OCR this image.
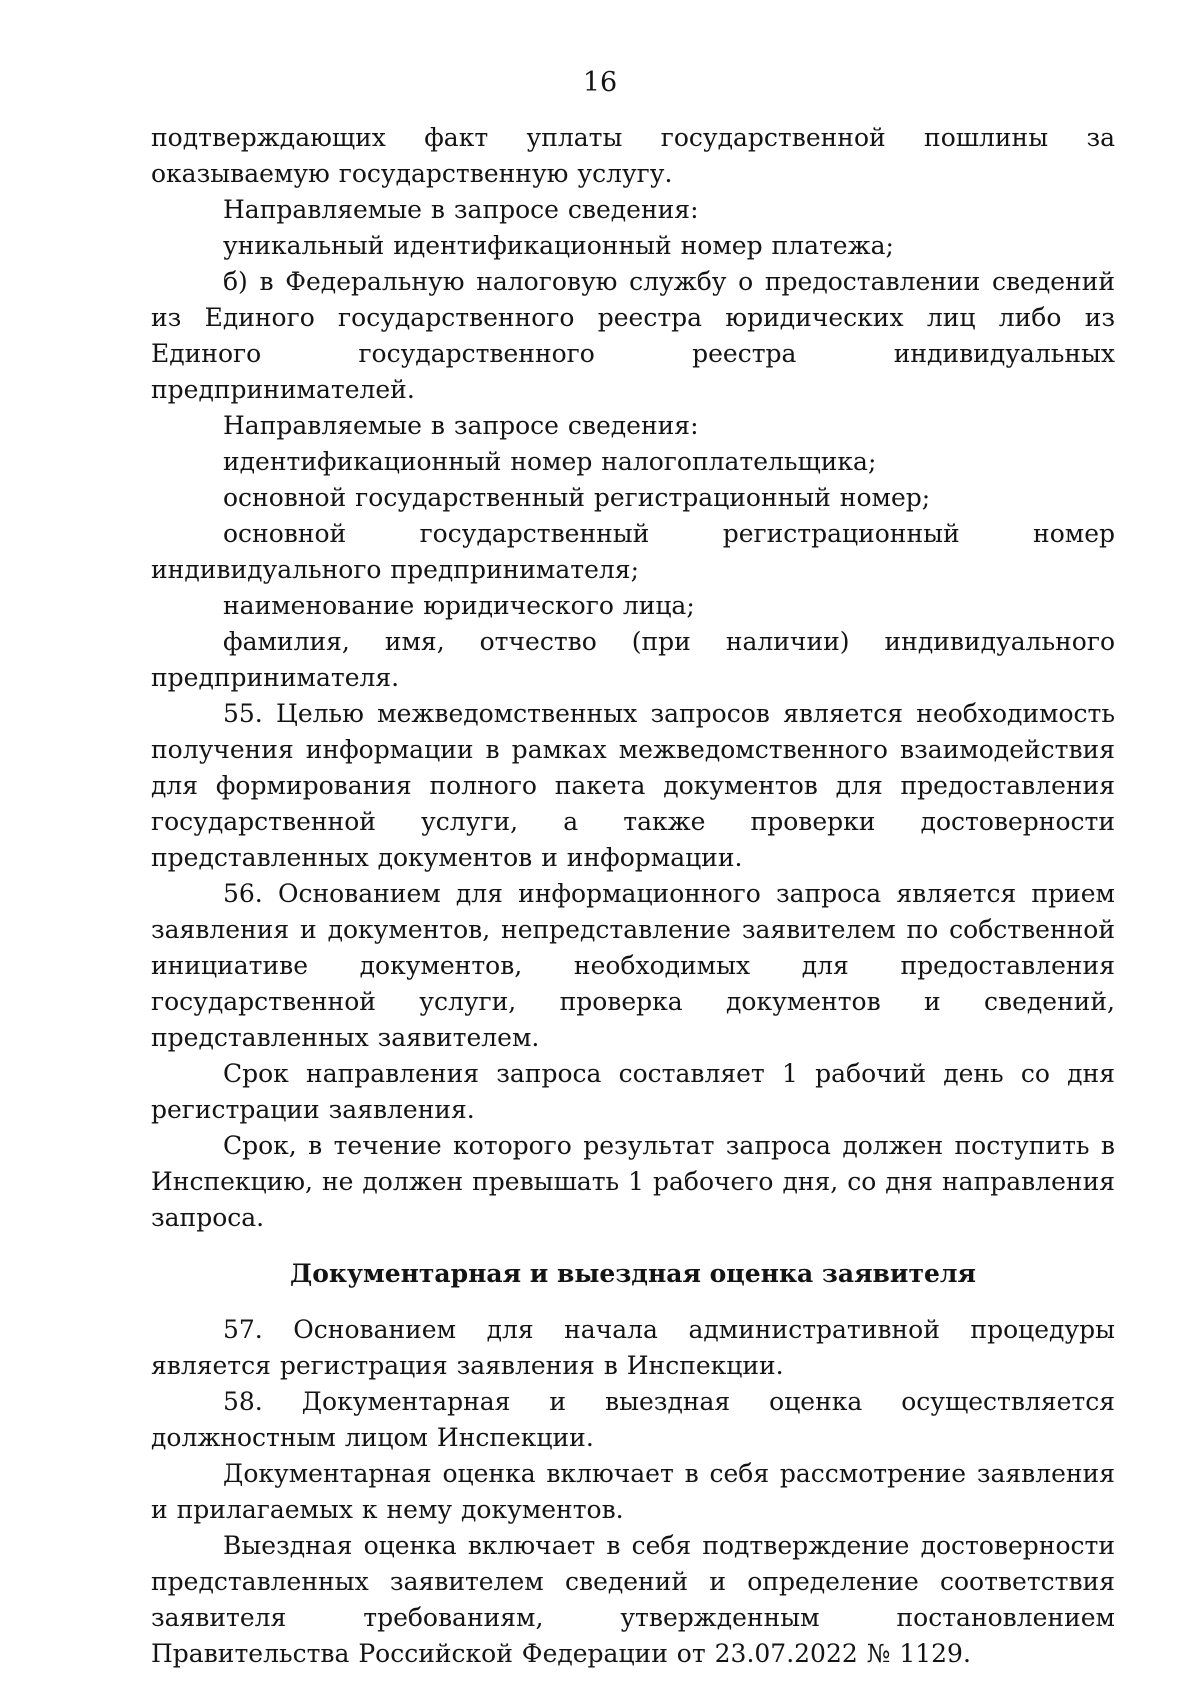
16

подтверждающих факт уплаты государственной пошлины за оказываемую государственную услугу.

Направляемые в запросе сведения:

уникальный идентификационный номер платежа;

б) в Федеральную налоговую службу о предоставлении сведений из Единого государственного реестра юридических лиц либо из Единого государственного реестра индивидуальных предпринимателей.

Направляемые в запросе сведения:

идентификационный номер налогоплательщика;

основной государственный регистрационный номер;

основной государственный регистрационный номер индивидуального предпринимателя;

наименование юридического лица;

фамилия, имя, отчество (при наличии) индивидуального предпринимателя.

55. Целью межведомственных запросов является необходимость получения информации в рамках межведомственного взаимодействия для формирования полного пакета документов для предоставления государственной услуги, а также проверки достоверности представленных документов и информации.

56. Основанием для информационного запроса является прием заявления и документов, непредставление заявителем по собственной инициативе документов, необходимых для предоставления государственной услуги, проверка документов и сведений, представленных заявителем.

Срок направления запроса составляет 1 рабочий день со дня регистрации заявления.

Срок, в течение которого результат запроса должен поступить в Инспекцию, не должен превышать 1 рабочего дня, со дня направления запроса.

Документарная и выездная оценка заявителя

57. Основанием для начала административной процедуры является регистрация заявления в Инспекции.

58. Документарная и выездная оценка осуществляется должностным лицом Инспекции.

Документарная оценка включает в себя рассмотрение заявления и прилагаемых к нему документов.

Выездная оценка включает в себя подтверждение достоверности представленных заявителем сведений и определение соответствия заявителя требованиям, утвержденным постановлением Правительства Российской Федерации от 23.07.2022 № 1129.
